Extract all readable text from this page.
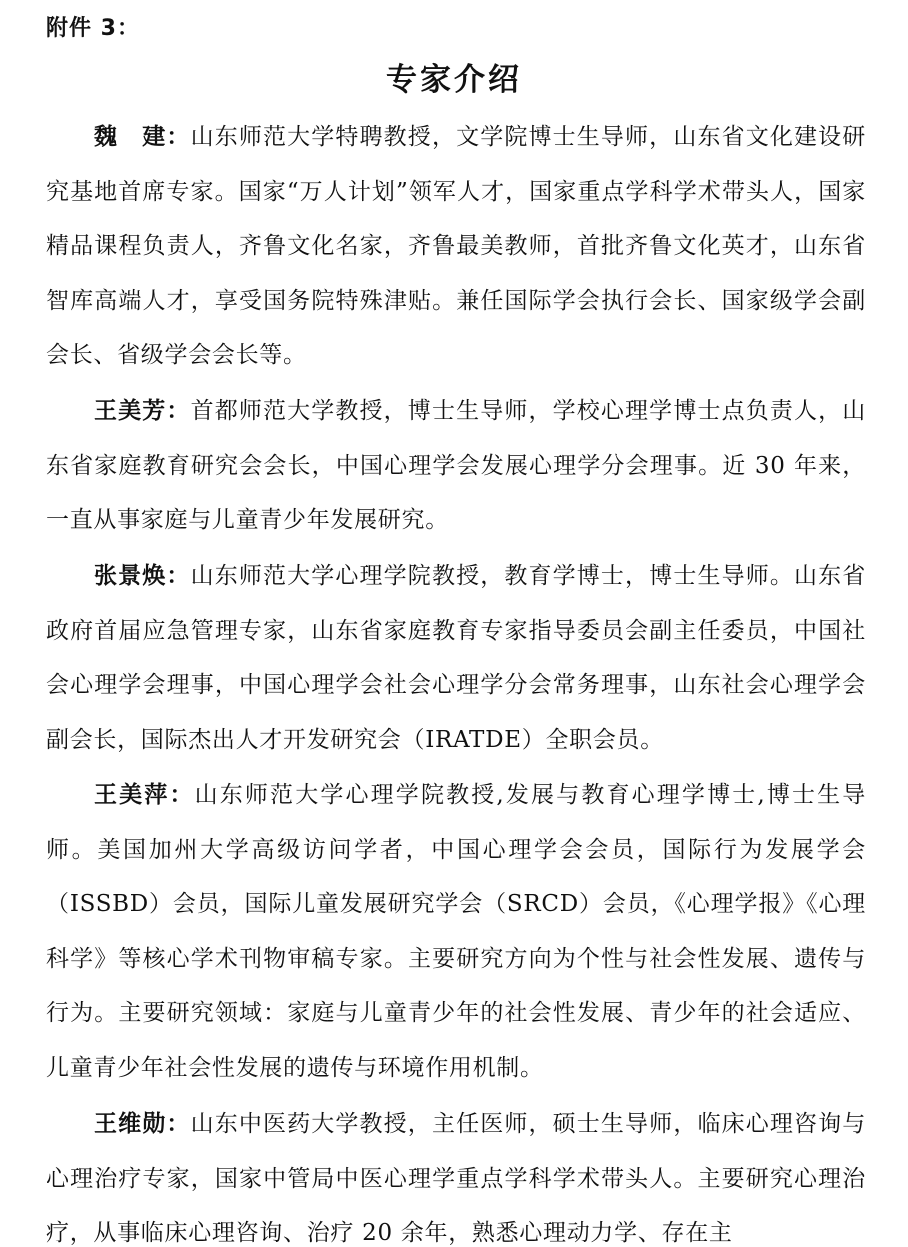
附件 3：
专家介绍

魏　建：山东师范大学特聘教授，文学院博士生导师，山东省文化建设研究基地首席专家。国家“万人计划”领军人才，国家重点学科学术带头人，国家精品课程负责人，齐鲁文化名家，齐鲁最美教师，首批齐鲁文化英才，山东省智库高端人才，享受国务院特殊津贴。兼任国际学会执行会长、国家级学会副会长、省级学会会长等。

王美芳：首都师范大学教授，博士生导师，学校心理学博士点负责人，山东省家庭教育研究会会长，中国心理学会发展心理学分会理事。近 30 年来，一直从事家庭与儿童青少年发展研究。

张景焕：山东师范大学心理学院教授，教育学博士，博士生导师。山东省政府首届应急管理专家，山东省家庭教育专家指导委员会副主任委员，中国社会心理学会理事，中国心理学会社会心理学分会常务理事，山东社会心理学会副会长，国际杰出人才开发研究会（IRATDE）全职会员。

王美萍：山东师范大学心理学院教授,发展与教育心理学博士,博士生导师。美国加州大学高级访问学者，中国心理学会会员，国际行为发展学会（ISSBD）会员，国际儿童发展研究学会（SRCD）会员，《心理学报》《心理科学》等核心学术刊物审稿专家。主要研究方向为个性与社会性发展、遗传与行为。主要研究领域：家庭与儿童青少年的社会性发展、青少年的社会适应、儿童青少年社会性发展的遗传与环境作用机制。

王维勋：山东中医药大学教授，主任医师，硕士生导师，临床心理咨询与心理治疗专家，国家中管局中医心理学重点学科学术带头人。主要研究心理治疗，从事临床心理咨询、治疗 20 余年，熟悉心理动力学、存在主
